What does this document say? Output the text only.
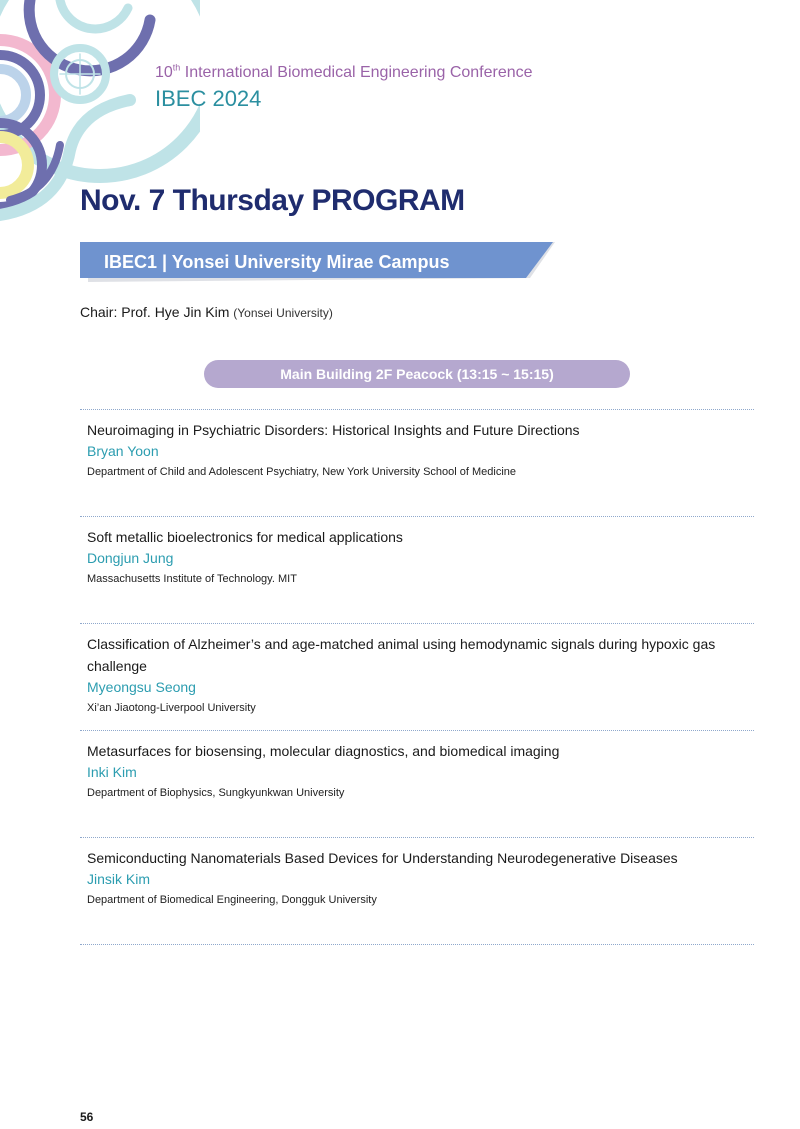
10th International Biomedical Engineering Conference
IBEC 2024
Nov. 7 Thursday PROGRAM
IBEC1 | Yonsei University Mirae Campus
Chair: Prof. Hye Jin Kim (Yonsei University)
Main Building 2F Peacock (13:15 ~ 15:15)

Neuroimaging in Psychiatric Disorders: Historical Insights and Future Directions

Bryan Yoon

Department of Child and Adolescent Psychiatry, New York University School of Medicine

Soft metallic bioelectronics for medical applications

Dongjun Jung

Massachusetts Institute of Technology. MIT

Classification of Alzheimer’s and age-matched animal using hemodynamic signals during hypoxic gas challenge

Myeongsu Seong

Xi’an Jiaotong-Liverpool University

Metasurfaces for biosensing, molecular diagnostics, and biomedical imaging

Inki Kim

Department of Biophysics, Sungkyunkwan University

Semiconducting Nanomaterials Based Devices for Understanding Neurodegenerative Diseases

Jinsik Kim

Department of Biomedical Engineering, Dongguk University

56
